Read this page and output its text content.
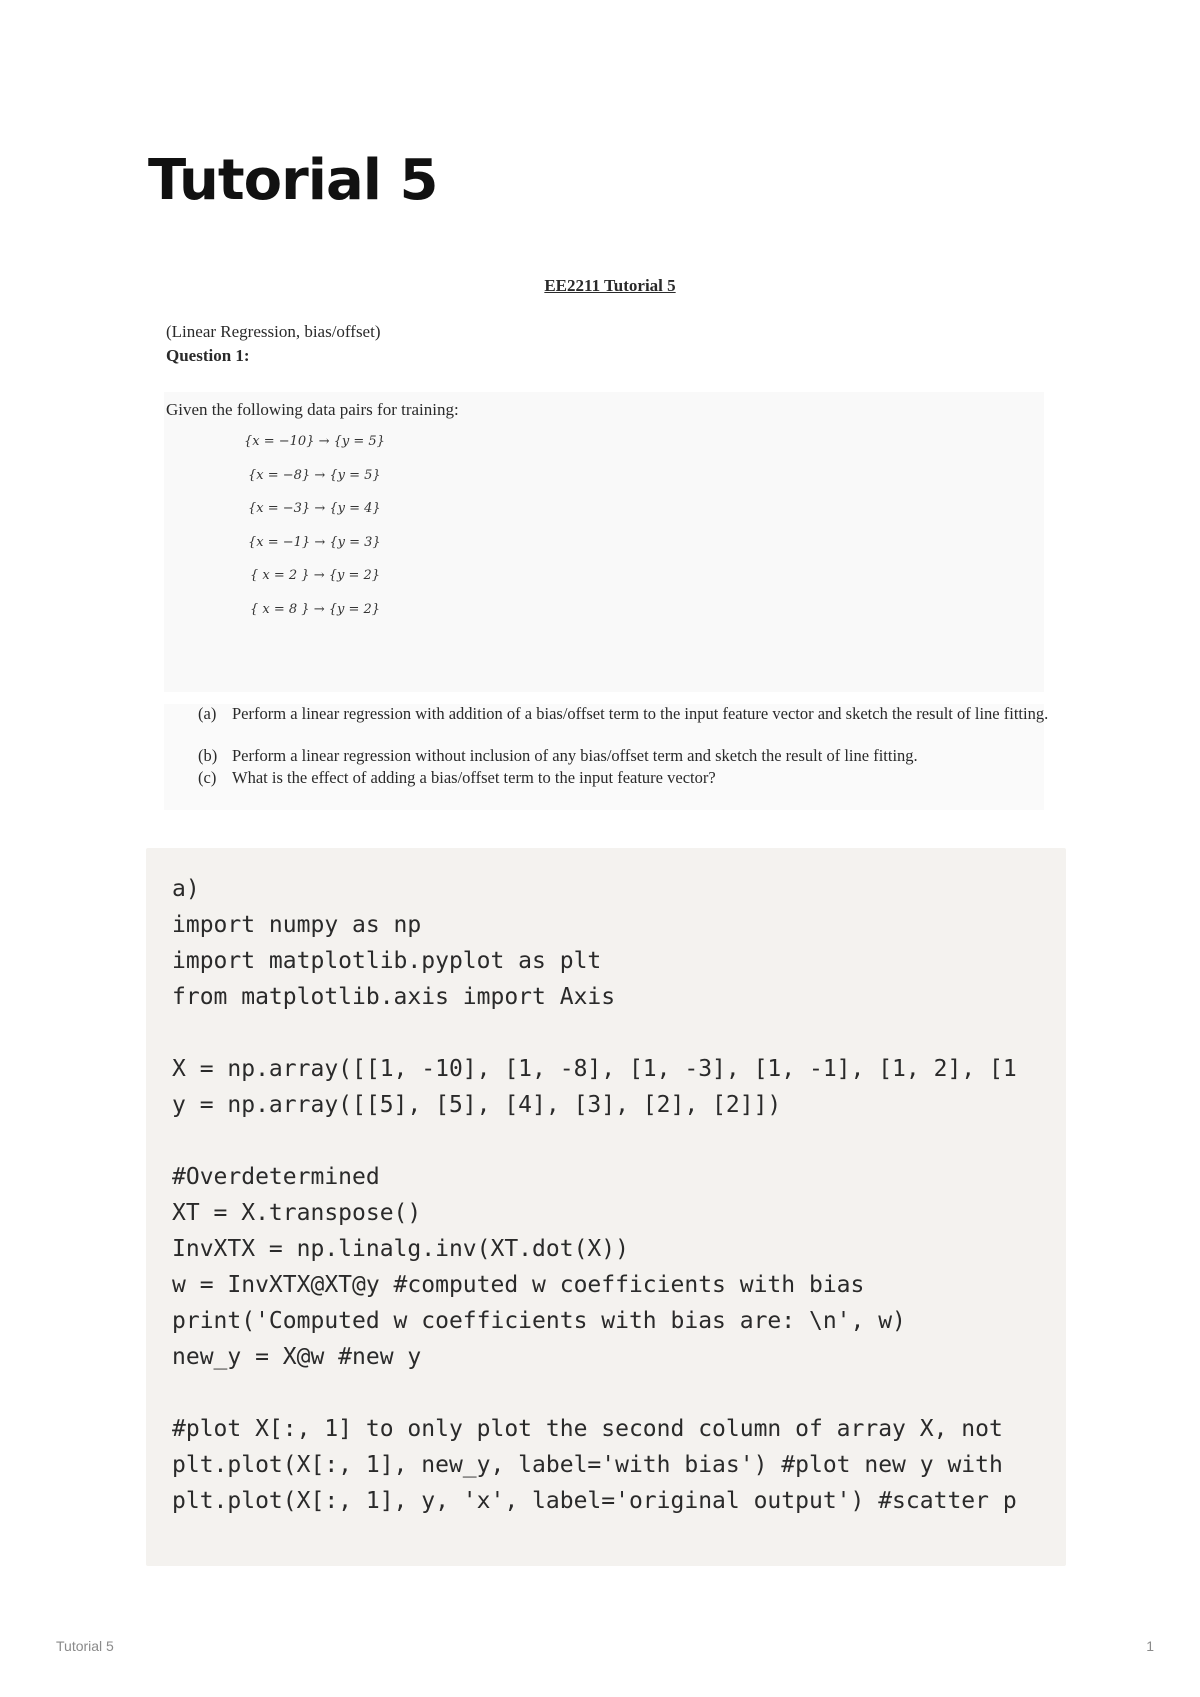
Tutorial 5
EE2211 Tutorial 5
(Linear Regression, bias/offset)
Question 1:
Given the following data pairs for training:
{x = −10} → {y = 5}
{x = −8} → {y = 5}
{x = −3} → {y = 4}
{x = −1} → {y = 3}
{ x = 2 } → {y = 2}
{ x = 8 } → {y = 2}
(a) Perform a linear regression with addition of a bias/offset term to the input feature vector and sketch the result of line fitting.
(b) Perform a linear regression without inclusion of any bias/offset term and sketch the result of line fitting.
(c) What is the effect of adding a bias/offset term to the input feature vector?
a)
import numpy as np
import matplotlib.pyplot as plt
from matplotlib.axis import Axis
X = np.array([[1, -10], [1, -8], [1, -3], [1, -1], [1, 2], [1
y = np.array([[5], [5], [4], [3], [2], [2]])
#Overdetermined
XT = X.transpose()
InvXTX = np.linalg.inv(XT.dot(X))
w = InvXTX@XT@y #computed w coefficients with bias
print('Computed w coefficients with bias are: \n', w)
new_y = X@w #new y
#plot X[:, 1] to only plot the second column of array X, not
plt.plot(X[:, 1], new_y, label='with bias') #plot new y with
plt.plot(X[:, 1], y, 'x', label='original output') #scatter p
Tutorial 5	1
